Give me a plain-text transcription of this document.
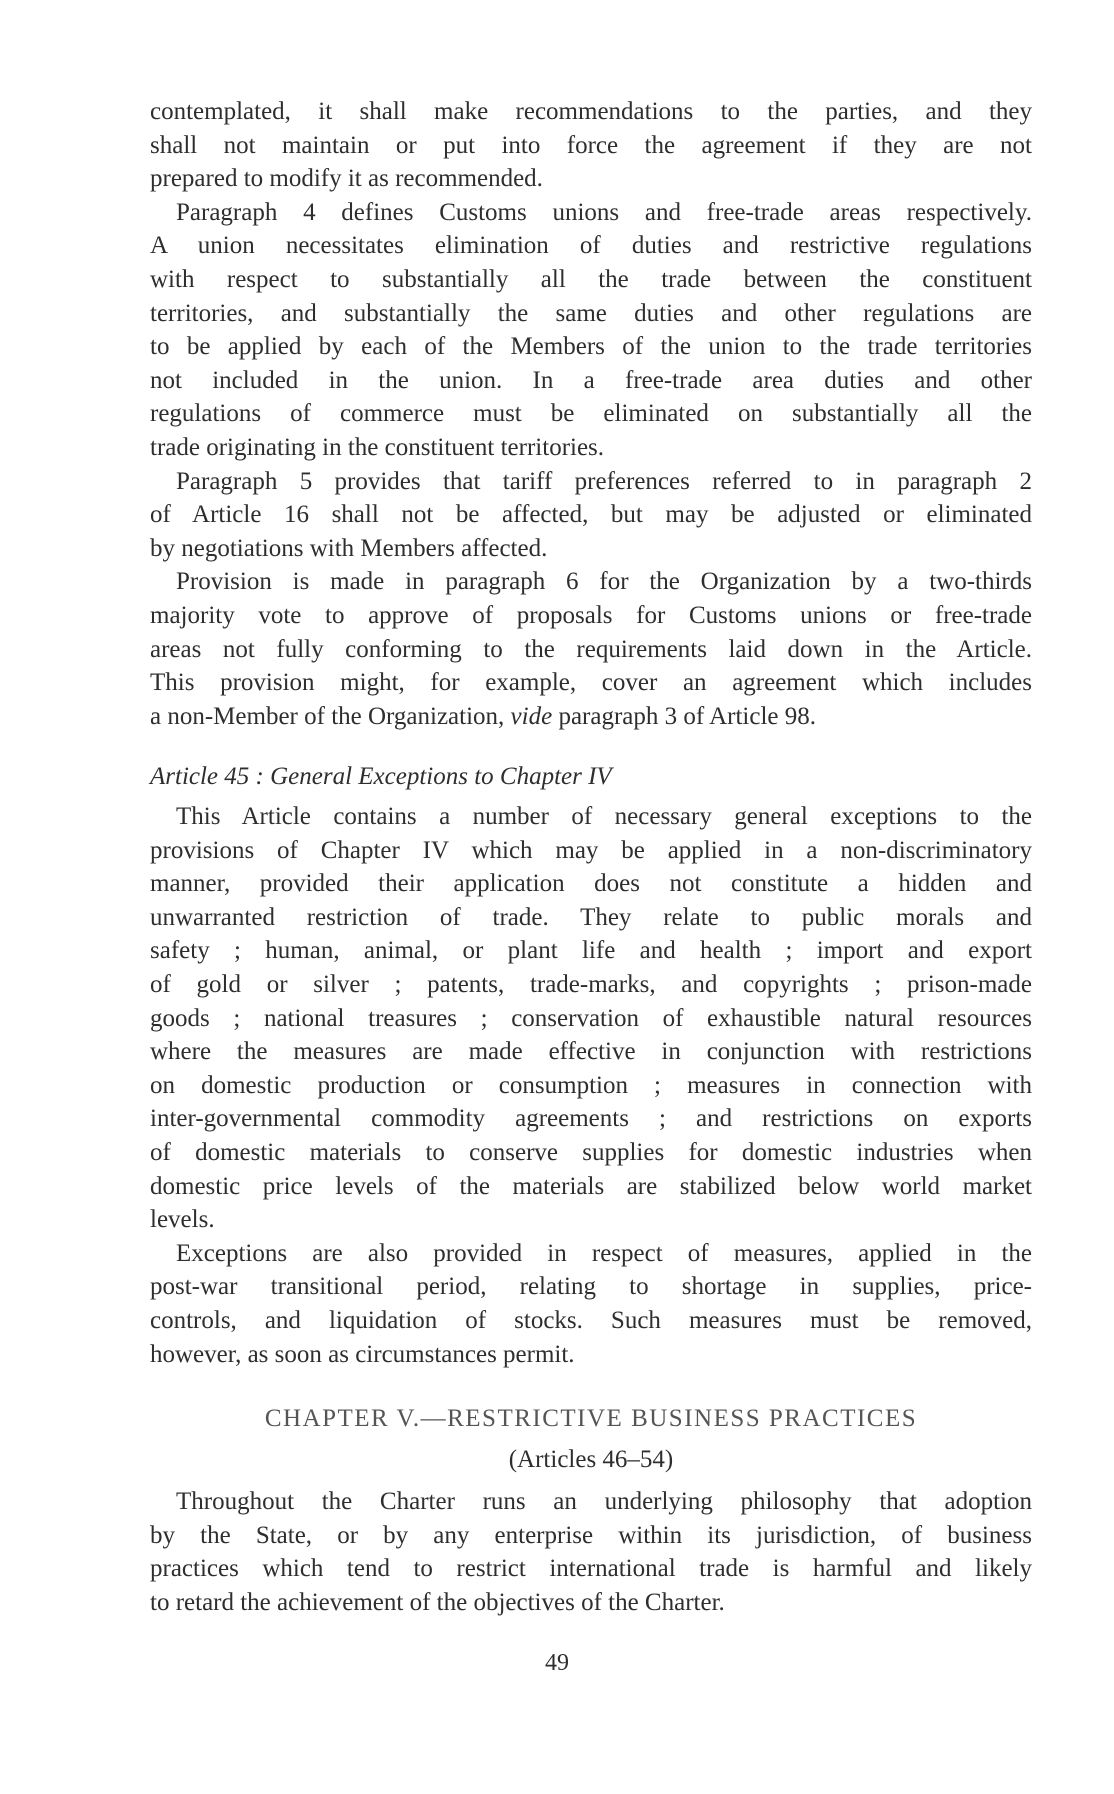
contemplated, it shall make recommendations to the parties, and they
shall not maintain or put into force the agreement if they are not
prepared to modify it as recommended.
Paragraph 4 defines Customs unions and free-trade areas respectively.
A union necessitates elimination of duties and restrictive regulations
with respect to substantially all the trade between the constituent
territories, and substantially the same duties and other regulations are
to be applied by each of the Members of the union to the trade territories
not included in the union. In a free-trade area duties and other
regulations of commerce must be eliminated on substantially all the
trade originating in the constituent territories.
Paragraph 5 provides that tariff preferences referred to in paragraph 2
of Article 16 shall not be affected, but may be adjusted or eliminated
by negotiations with Members affected.
Provision is made in paragraph 6 for the Organization by a two-thirds
majority vote to approve of proposals for Customs unions or free-trade
areas not fully conforming to the requirements laid down in the Article.
This provision might, for example, cover an agreement which includes
a non-Member of the Organization, vide paragraph 3 of Article 98.
Article 45 : General Exceptions to Chapter IV
This Article contains a number of necessary general exceptions to the
provisions of Chapter IV which may be applied in a non-discriminatory
manner, provided their application does not constitute a hidden and
unwarranted restriction of trade. They relate to public morals and
safety ; human, animal, or plant life and health ; import and export
of gold or silver ; patents, trade-marks, and copyrights ; prison-made
goods ; national treasures ; conservation of exhaustible natural resources
where the measures are made effective in conjunction with restrictions
on domestic production or consumption ; measures in connection with
inter-governmental commodity agreements ; and restrictions on exports
of domestic materials to conserve supplies for domestic industries when
domestic price levels of the materials are stabilized below world market
levels.
Exceptions are also provided in respect of measures, applied in the
post-war transitional period, relating to shortage in supplies, price-
controls, and liquidation of stocks. Such measures must be removed,
however, as soon as circumstances permit.
CHAPTER V.—RESTRICTIVE BUSINESS PRACTICES
(Articles 46–54)
Throughout the Charter runs an underlying philosophy that adoption
by the State, or by any enterprise within its jurisdiction, of business
practices which tend to restrict international trade is harmful and likely
to retard the achievement of the objectives of the Charter.
49
